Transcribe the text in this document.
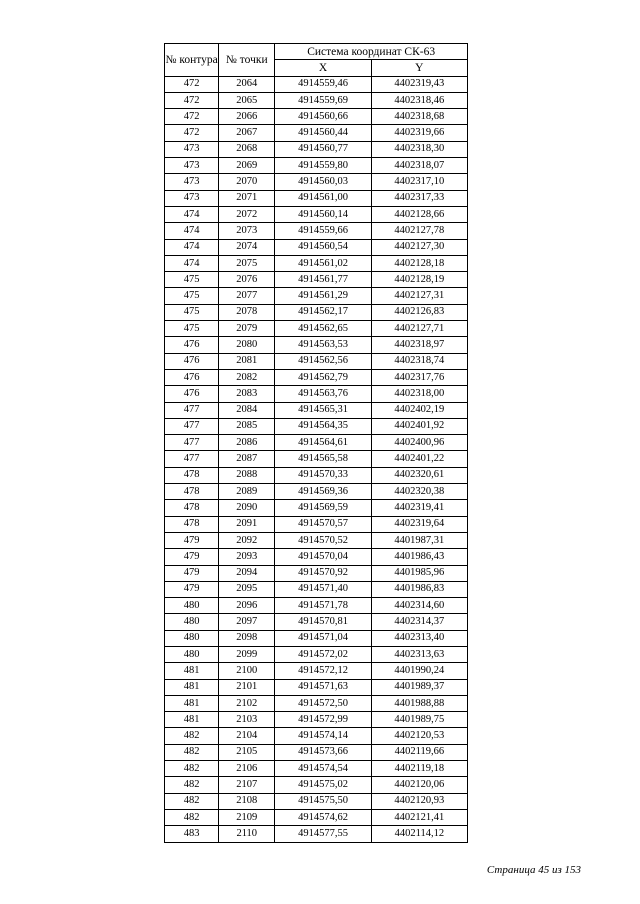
№ контура	№ точки	Система координат СК-63	
		X	Y
472	2064	4914559,46	4402319,43
472	2065	4914559,69	4402318,46
472	2066	4914560,66	4402318,68
472	2067	4914560,44	4402319,66
473	2068	4914560,77	4402318,30
473	2069	4914559,80	4402318,07
473	2070	4914560,03	4402317,10
473	2071	4914561,00	4402317,33
474	2072	4914560,14	4402128,66
474	2073	4914559,66	4402127,78
474	2074	4914560,54	4402127,30
474	2075	4914561,02	4402128,18
475	2076	4914561,77	4402128,19
475	2077	4914561,29	4402127,31
475	2078	4914562,17	4402126,83
475	2079	4914562,65	4402127,71
476	2080	4914563,53	4402318,97
476	2081	4914562,56	4402318,74
476	2082	4914562,79	4402317,76
476	2083	4914563,76	4402318,00
477	2084	4914565,31	4402402,19
477	2085	4914564,35	4402401,92
477	2086	4914564,61	4402400,96
477	2087	4914565,58	4402401,22
478	2088	4914570,33	4402320,61
478	2089	4914569,36	4402320,38
478	2090	4914569,59	4402319,41
478	2091	4914570,57	4402319,64
479	2092	4914570,52	4401987,31
479	2093	4914570,04	4401986,43
479	2094	4914570,92	4401985,96
479	2095	4914571,40	4401986,83
480	2096	4914571,78	4402314,60
480	2097	4914570,81	4402314,37
480	2098	4914571,04	4402313,40
480	2099	4914572,02	4402313,63
481	2100	4914572,12	4401990,24
481	2101	4914571,63	4401989,37
481	2102	4914572,50	4401988,88
481	2103	4914572,99	4401989,75
482	2104	4914574,14	4402120,53
482	2105	4914573,66	4402119,66
482	2106	4914574,54	4402119,18
482	2107	4914575,02	4402120,06
482	2108	4914575,50	4402120,93
482	2109	4914574,62	4402121,41
483	2110	4914577,55	4402114,12
Страница 45 из 153
